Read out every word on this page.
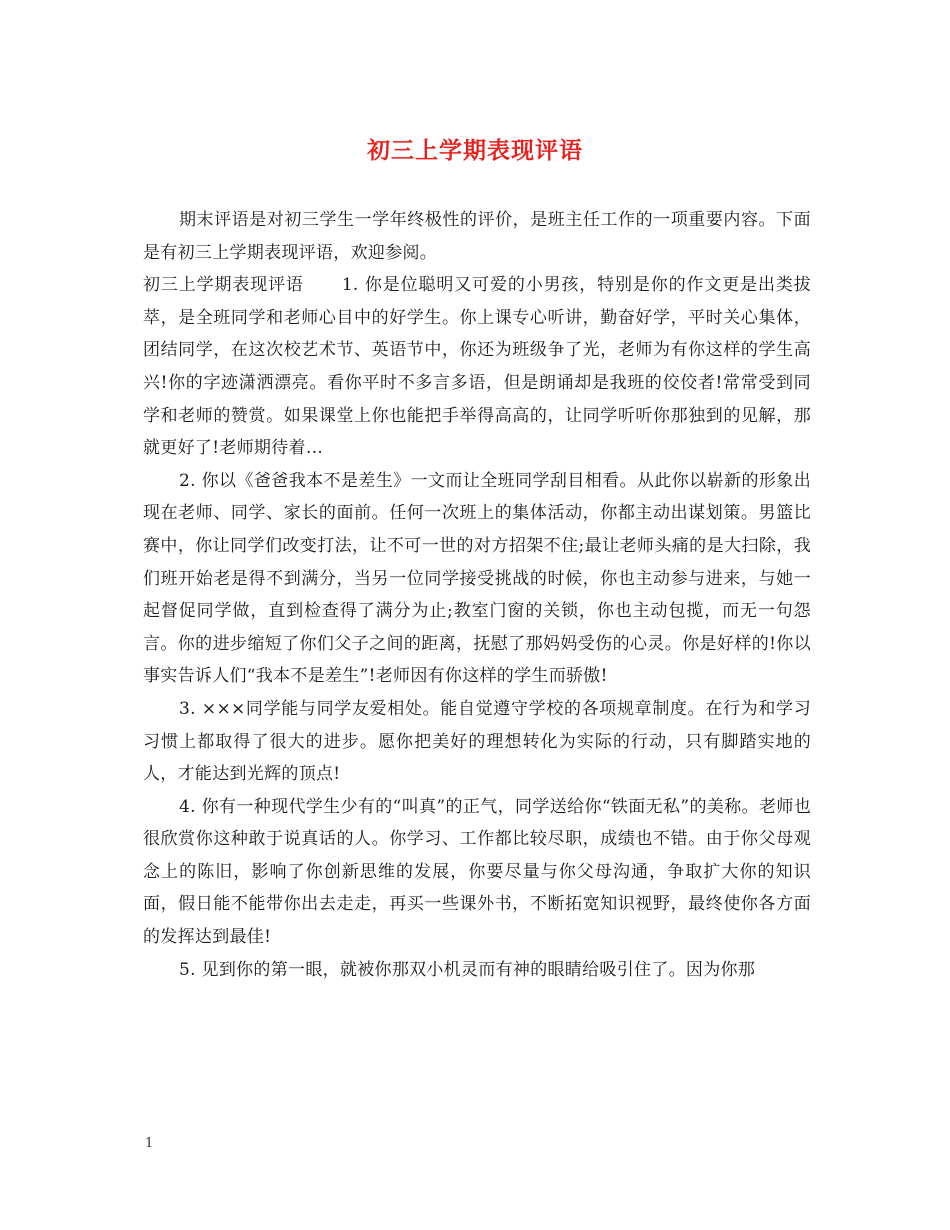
初三上学期表现评语

期末评语是对初三学生一学年终极性的评价，是班主任工作的一项重要内容。下面是有初三上学期表现评语，欢迎参阅。

初三上学期表现评语 1. 你是位聪明又可爱的小男孩，特别是你的作文更是出类拔萃，是全班同学和老师心目中的好学生。你上课专心听讲，勤奋好学，平时关心集体，团结同学，在这次校艺术节、英语节中，你还为班级争了光，老师为有你这样的学生高兴!你的字迹潇洒漂亮。看你平时不多言多语，但是朗诵却是我班的佼佼者!常常受到同学和老师的赞赏。如果课堂上你也能把手举得高高的，让同学听听你那独到的见解，那就更好了!老师期待着…

2. 你以《爸爸我本不是差生》一文而让全班同学刮目相看。从此你以崭新的形象出现在老师、同学、家长的面前。任何一次班上的集体活动，你都主动出谋划策。男篮比赛中，你让同学们改变打法，让不可一世的对方招架不住;最让老师头痛的是大扫除，我们班开始老是得不到满分，当另一位同学接受挑战的时候，你也主动参与进来，与她一起督促同学做，直到检查得了满分为止;教室门窗的关锁，你也主动包揽，而无一句怨言。你的进步缩短了你们父子之间的距离，抚慰了那妈妈受伤的心灵。你是好样的!你以事实告诉人们“我本不是差生”!老师因有你这样的学生而骄傲!

3. ×××同学能与同学友爱相处。能自觉遵守学校的各项规章制度。在行为和学习习惯上都取得了很大的进步。愿你把美好的理想转化为实际的行动，只有脚踏实地的人，才能达到光辉的顶点!

4. 你有一种现代学生少有的“叫真”的正气，同学送给你“铁面无私”的美称。老师也很欣赏你这种敢于说真话的人。你学习、工作都比较尽职，成绩也不错。由于你父母观念上的陈旧，影响了你创新思维的发展，你要尽量与你父母沟通，争取扩大你的知识面，假日能不能带你出去走走，再买一些课外书，不断拓宽知识视野，最终使你各方面的发挥达到最佳!

5. 见到你的第一眼，就被你那双小机灵而有神的眼睛给吸引住了。因为你那

1
